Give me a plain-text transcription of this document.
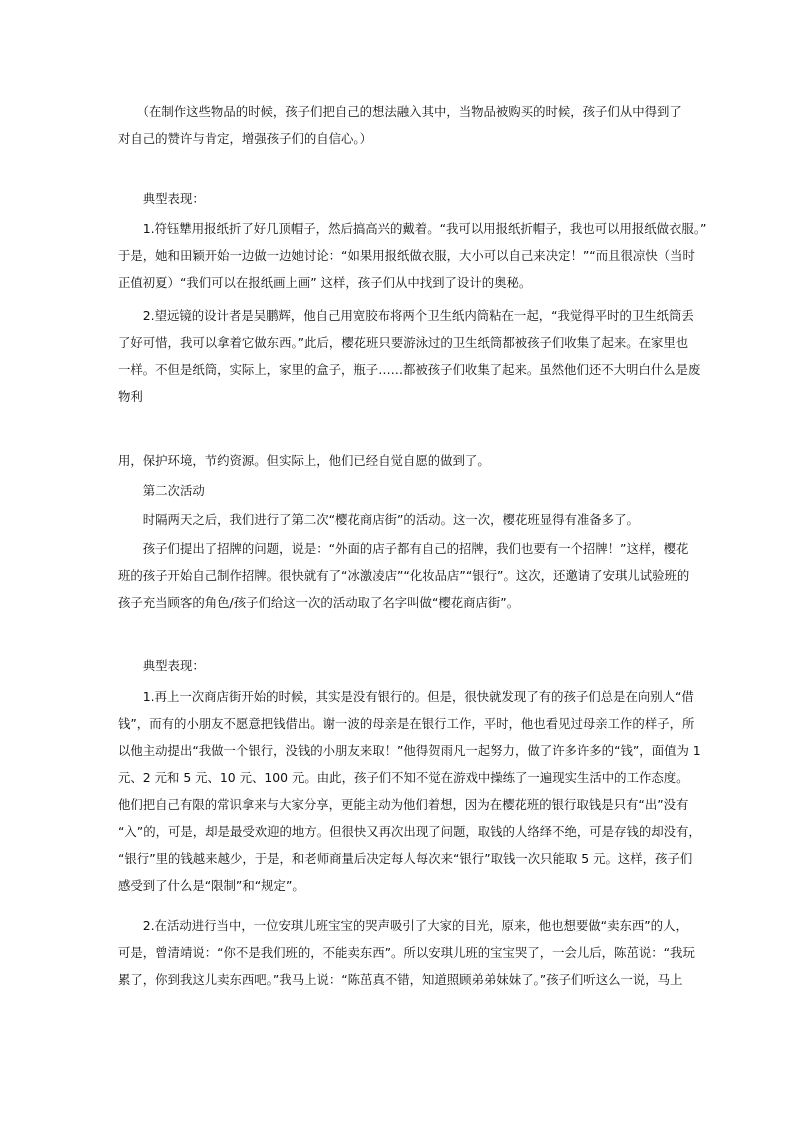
　　（在制作这些物品的时候，孩子们把自己的想法融入其中，当物品被购买的时候，孩子们从中得到了
对自己的赞许与肯定，增强孩子们的自信心。）

　　典型表现：

　　1.符钰犨用报纸折了好几顶帽子，然后搞高兴的戴着。“我可以用报纸折帽子，我也可以用报纸做衣服。”
于是，她和田颖开始一边做一边她讨论：“如果用报纸做衣服，大小可以自己来决定！”“而且很凉快（当时
正值初夏）“我们可以在报纸画上画” 这样，孩子们从中找到了设计的奥秘。

　　2.望远镜的设计者是吴鹏辉，他自己用宽胶布将两个卫生纸内筒粘在一起，“我觉得平时的卫生纸筒丢
了好可惜，我可以拿着它做东西。”此后，樱花班只要游泳过的卫生纸筒都被孩子们收集了起来。在家里也
一样。不但是纸筒，实际上，家里的盒子，瓶子……都被孩子们收集了起来。虽然他们还不大明白什么是废
物利

用，保护环境，节约资源。但实际上，他们已经自觉自愿的做到了。

　　第二次活动

　　时隔两天之后，我们进行了第二次“樱花商店街”的活动。这一次，樱花班显得有准备多了。

　　孩子们提出了招牌的问题，说是：“外面的店子都有自己的招牌，我们也要有一个招牌！”这样，樱花
班的孩子开始自己制作招牌。很快就有了“冰激凌店”“化妆品店”“银行”。这次，还邀请了安琪儿试验班的
孩子充当顾客的角色/孩子们给这一次的活动取了名字叫做“樱花商店街”。

　　典型表现：

　　1.再上一次商店街开始的时候，其实是没有银行的。但是，很快就发现了有的孩子们总是在向别人“借
钱”，而有的小朋友不愿意把钱借出。谢一波的母亲是在银行工作，平时，他也看见过母亲工作的样子，所
以他主动提出“我做一个银行，没钱的小朋友来取！”他得贺雨凡一起努力，做了许多许多的“钱”，面值为 1
元、2 元和 5 元、10 元、100 元。由此，孩子们不知不觉在游戏中操练了一遍现实生活中的工作态度。
他们把自己有限的常识拿来与大家分享，更能主动为他们着想，因为在樱花班的银行取钱是只有“出”没有
“入”的，可是，却是最受欢迎的地方。但很快又再次出现了问题，取钱的人络绎不绝，可是存钱的却没有，
“银行”里的钱越来越少，于是，和老师商量后决定每人每次来“银行”取钱一次只能取 5 元。这样，孩子们
感受到了什么是“限制”和“规定”。

　　2.在活动进行当中，一位安琪儿班宝宝的哭声吸引了大家的目光，原来，他也想要做“卖东西”的人，
可是，曾清靖说：“你不是我们班的，不能卖东西”。所以安琪儿班的宝宝哭了，一会儿后，陈茁说：“我玩
累了，你到我这儿卖东西吧。”我马上说：“陈茁真不错，知道照顾弟弟妹妹了。”孩子们听这么一说，马上
